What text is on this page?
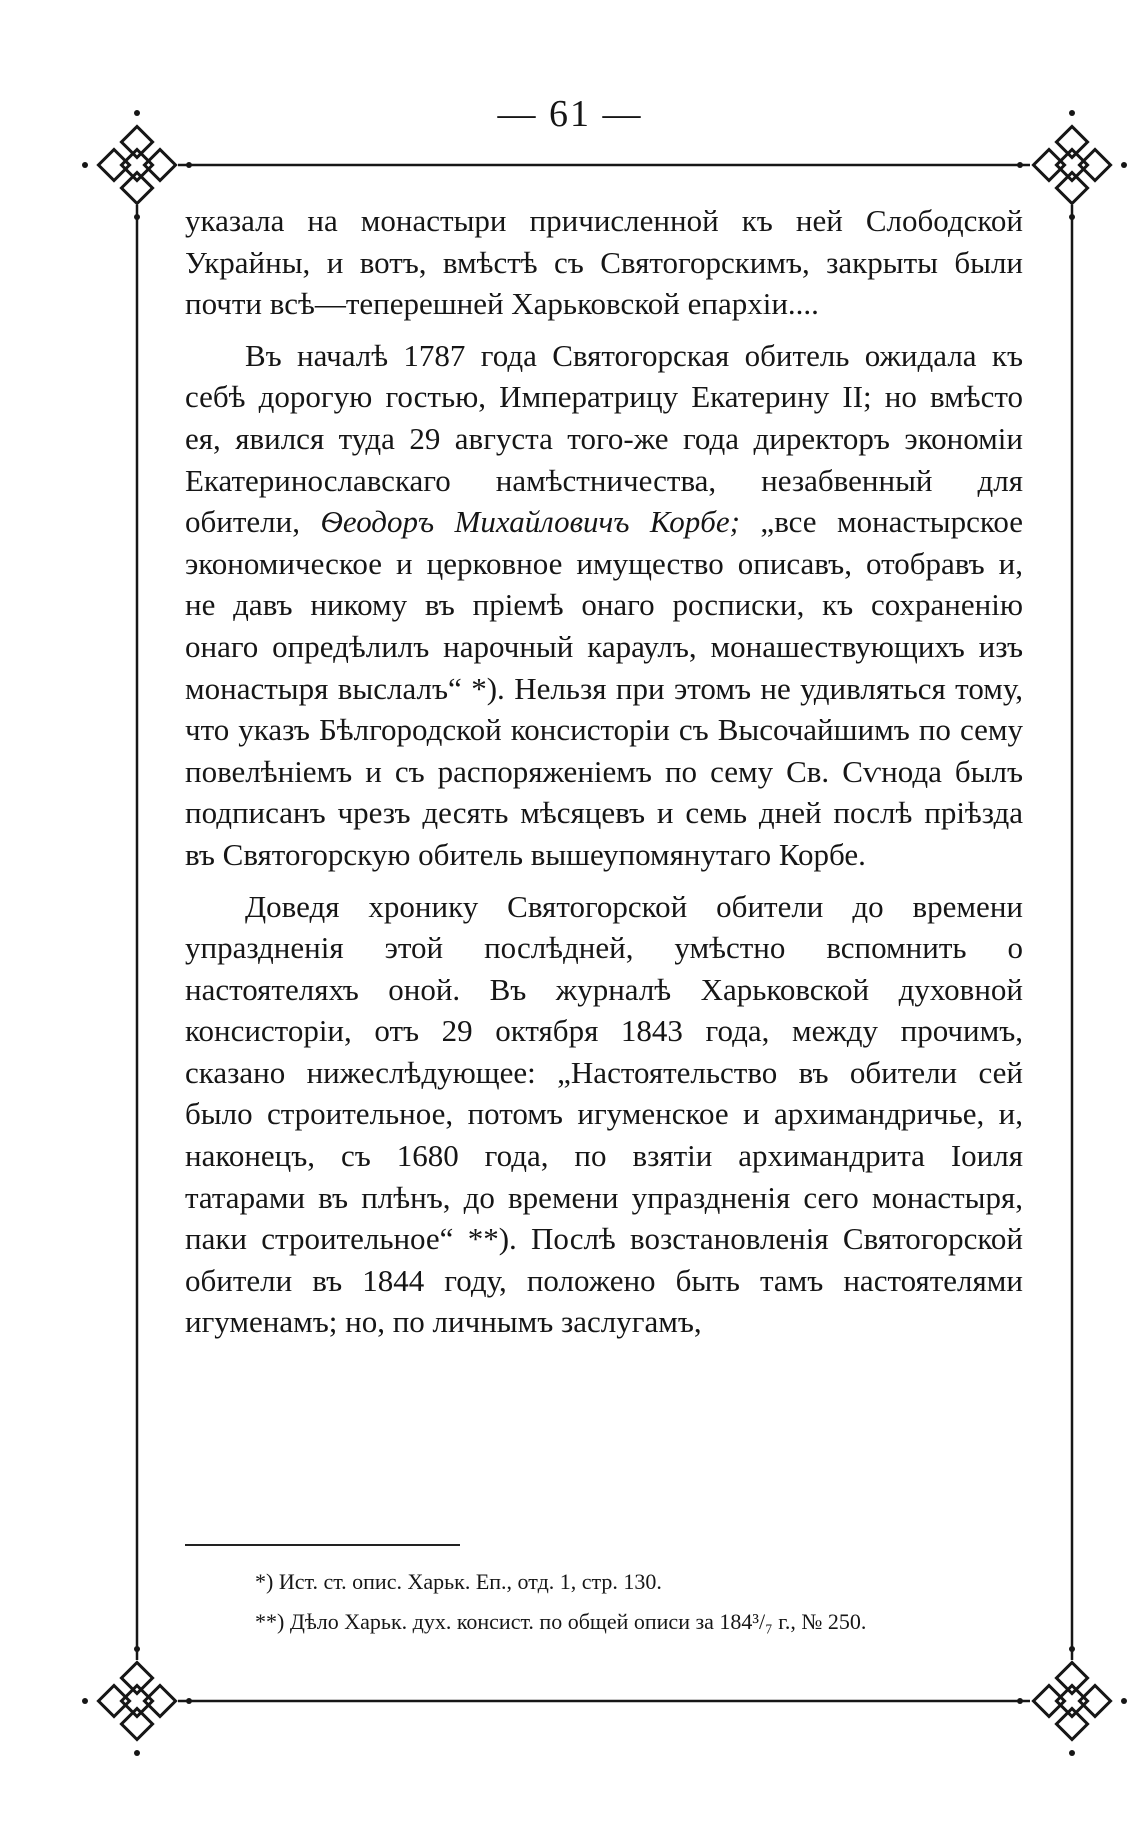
— 61 —

указала на монастыри причисленной къ ней Слободской Украйны, и вотъ, вмѣстѣ съ Святогорскимъ, закрыты были почти всѣ—теперешней Харьковской епархіи....

Въ началѣ 1787 года Святогорская обитель ожидала къ себѣ дорогую гостью, Императрицу Екатерину II; но вмѣсто ея, явился туда 29 августа того-же года директоръ экономіи Екатеринославскаго намѣстничества, незабвенный для обители, Ѳеодоръ Михайловичъ Корбе; „все монастырское экономическое и церковное имущество описавъ, отобравъ и, не давъ никому въ пріемѣ онаго росписки, къ сохраненію онаго опредѣлилъ нарочный караулъ, монашествующихъ изъ монастыря выслалъ“ *). Нельзя при этомъ не удивляться тому, что указъ Бѣлгородской консисторіи съ Высочайшимъ по сему повелѣніемъ и съ распоряженіемъ по сему Св. Сѵнода былъ подписанъ чрезъ десять мѣсяцевъ и семь дней послѣ пріѣзда въ Святогорскую обитель вышеупомянутаго Корбе.

Доведя хронику Святогорской обители до времени упраздненія этой послѣдней, умѣстно вспомнить о настоятеляхъ оной. Въ журналѣ Харьковской духовной консисторіи, отъ 29 октября 1843 года, между прочимъ, сказано нижеслѣдующее: „Настоятельство въ обители сей было строительное, потомъ игуменское и архимандричье, и, наконецъ, съ 1680 года, по взятіи архимандрита Іоиля татарами въ плѣнъ, до времени упраздненія сего монастыря, паки строительное“ **). Послѣ возстановленія Святогорской обители въ 1844 году, положено быть тамъ настоятелями игуменамъ; но, по личнымъ заслугамъ,

*) Ист. ст. опис. Харьк. Еп., отд. 1, стр. 130.
**) Дѣло Харьк. дух. консист. по общей описи за 184³/₇ г., № 250.
